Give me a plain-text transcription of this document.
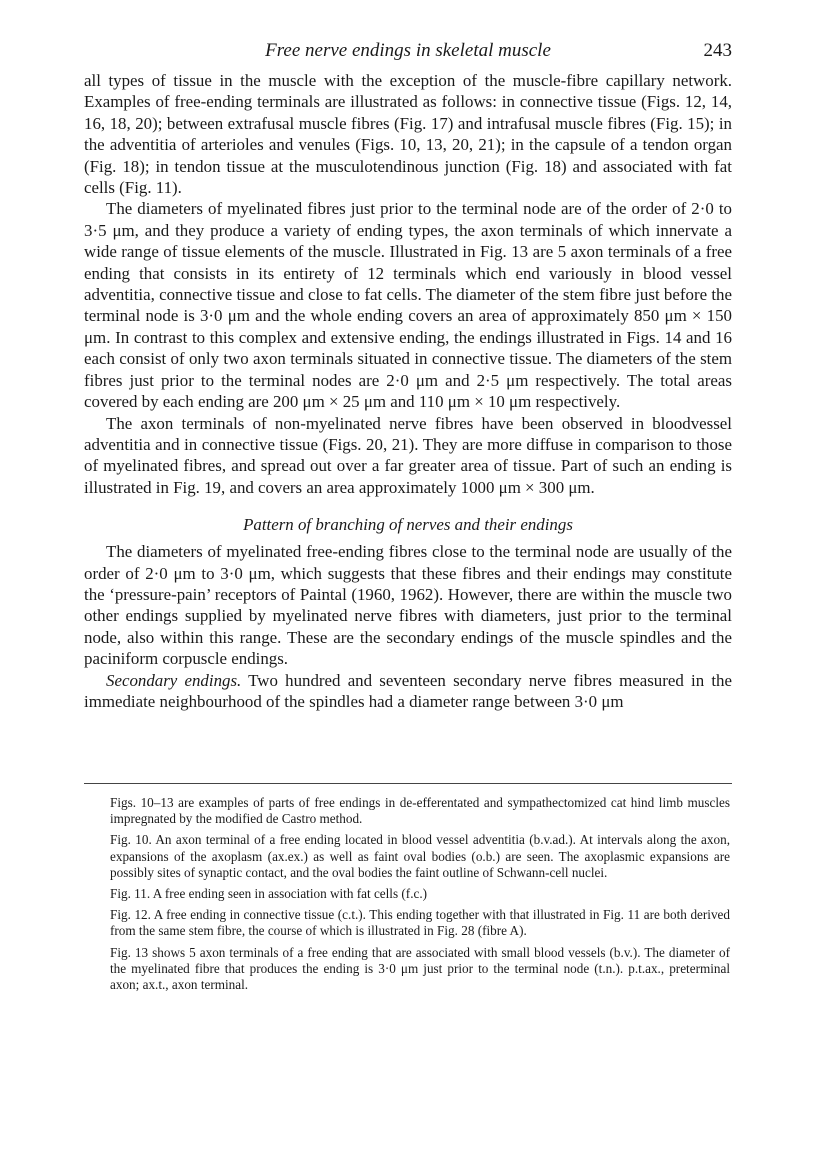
Free nerve endings in skeletal muscle	243

all types of tissue in the muscle with the exception of the muscle-fibre capillary network. Examples of free-ending terminals are illustrated as follows: in connective tissue (Figs. 12, 14, 16, 18, 20); between extrafusal muscle fibres (Fig. 17) and intrafusal muscle fibres (Fig. 15); in the adventitia of arterioles and venules (Figs. 10, 13, 20, 21); in the capsule of a tendon organ (Fig. 18); in tendon tissue at the musculotendinous junction (Fig. 18) and associated with fat cells (Fig. 11).

The diameters of myelinated fibres just prior to the terminal node are of the order of 2·0 to 3·5 μm, and they produce a variety of ending types, the axon terminals of which innervate a wide range of tissue elements of the muscle. Illustrated in Fig. 13 are 5 axon terminals of a free ending that consists in its entirety of 12 terminals which end variously in blood vessel adventitia, connective tissue and close to fat cells. The diameter of the stem fibre just before the terminal node is 3·0 μm and the whole ending covers an area of approximately 850 μm × 150 μm. In contrast to this complex and extensive ending, the endings illustrated in Figs. 14 and 16 each consist of only two axon terminals situated in connective tissue. The diameters of the stem fibres just prior to the terminal nodes are 2·0 μm and 2·5 μm respectively. The total areas covered by each ending are 200 μm × 25 μm and 110 μm × 10 μm respectively.

The axon terminals of non-myelinated nerve fibres have been observed in bloodvessel adventitia and in connective tissue (Figs. 20, 21). They are more diffuse in comparison to those of myelinated fibres, and spread out over a far greater area of tissue. Part of such an ending is illustrated in Fig. 19, and covers an area approximately 1000 μm × 300 μm.

Pattern of branching of nerves and their endings

The diameters of myelinated free-ending fibres close to the terminal node are usually of the order of 2·0 μm to 3·0 μm, which suggests that these fibres and their endings may constitute the ‘pressure-pain’ receptors of Paintal (1960, 1962). However, there are within the muscle two other endings supplied by myelinated nerve fibres with diameters, just prior to the terminal node, also within this range. These are the secondary endings of the muscle spindles and the paciniform corpuscle endings.

Secondary endings. Two hundred and seventeen secondary nerve fibres measured in the immediate neighbourhood of the spindles had a diameter range between 3·0 μm

Figs. 10–13 are examples of parts of free endings in de-efferentated and sympathectomized cat hind limb muscles impregnated by the modified de Castro method.

Fig. 10. An axon terminal of a free ending located in blood vessel adventitia (b.v.ad.). At intervals along the axon, expansions of the axoplasm (ax.ex.) as well as faint oval bodies (o.b.) are seen. The axoplasmic expansions are possibly sites of synaptic contact, and the oval bodies the faint outline of Schwann-cell nuclei.

Fig. 11. A free ending seen in association with fat cells (f.c.)

Fig. 12. A free ending in connective tissue (c.t.). This ending together with that illustrated in Fig. 11 are both derived from the same stem fibre, the course of which is illustrated in Fig. 28 (fibre A).

Fig. 13 shows 5 axon terminals of a free ending that are associated with small blood vessels (b.v.). The diameter of the myelinated fibre that produces the ending is 3·0 μm just prior to the terminal node (t.n.). p.t.ax., preterminal axon; ax.t., axon terminal.
